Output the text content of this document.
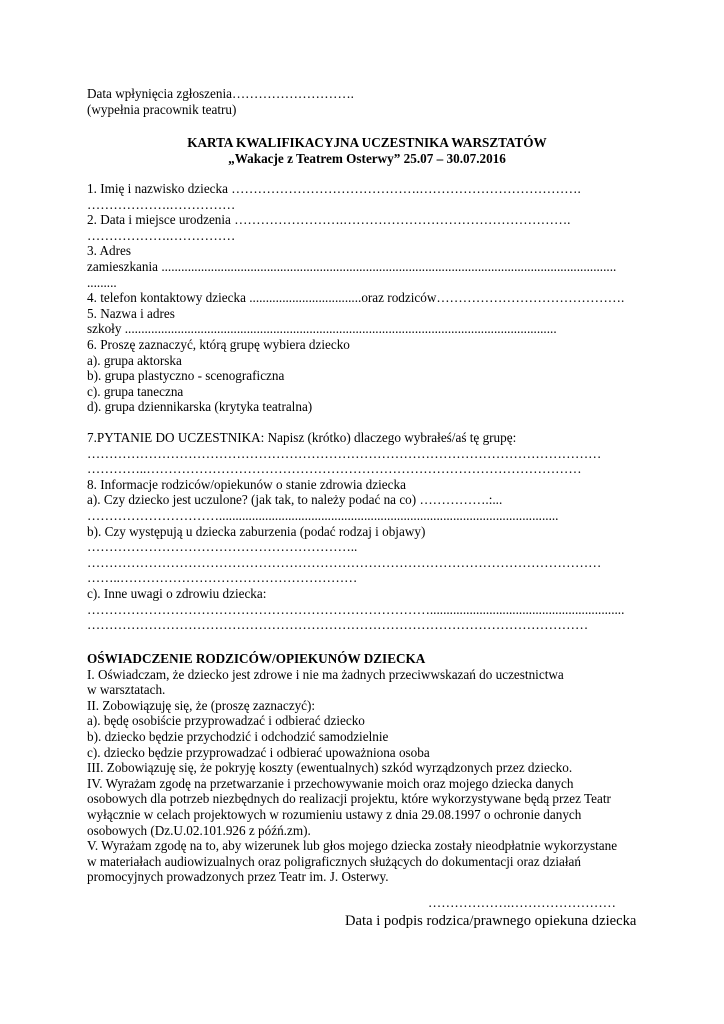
Data wpłynięcia zgłoszenia……………………….
(wypełnia pracownik teatru)
KARTA KWALIFIKACYJNA UCZESTNIKA WARSZTATÓW
„Wakacje z Teatrem Osterwy” 25.07 – 30.07.2016
1. Imię i nazwisko dziecka …………………………………….……………………………….
……………….……………
2. Data i miejsce urodzenia …………………….…………………………………………….
……………….……………
3. Adres
zamieszkania ..........................................................................................................................................
.........
4. telefon kontaktowy dziecka ..................................oraz rodziców…………………………………….
5. Nazwa i adres
szkoły ...................................................................................................................................
6. Proszę zaznaczyć, którą grupę wybiera dziecko
a). grupa aktorska
b). grupa plastyczno - scenograficzna
c). grupa taneczna
d). grupa dziennikarska (krytyka teatralna)
7.PYTANIE DO UCZESTNIKA: Napisz (krótko) dlaczego wybrałeś/aś tę grupę:
………………………………………………………………………………………………………
…………..………………………………………………………………………………………
8. Informacje rodziców/opiekunów o stanie zdrowia dziecka
a). Czy dziecko jest uczulone? (jak tak, to należy podać na co) …………….:...
………………………….......................................................................................................
b). Czy występują u dziecka zaburzenia (podać rodzaj i objawy)
……………………………………………………..
………………………………………………………………………………………………………
……..………………………………………………
c). Inne uwagi o zdrowiu dziecka:
……………………………………………………………………...........................................................
……………………………………………………………………………………………………
OŚWIADCZENIE RODZICÓW/OPIEKUNÓW DZIECKA
I. Oświadczam, że dziecko jest zdrowe i nie ma żadnych przeciwwskazań do uczestnictwa
w warsztatach.
II. Zobowiązuję się, że (proszę zaznaczyć):
a). będę osobiście przyprowadzać i odbierać dziecko
b). dziecko będzie przychodzić i odchodzić samodzielnie
c). dziecko będzie przyprowadzać i odbierać upoważniona osoba
III. Zobowiązuję się, że pokryję koszty (ewentualnych) szkód wyrządzonych przez dziecko.
IV. Wyrażam zgodę na przetwarzanie i przechowywanie moich oraz mojego dziecka danych
osobowych dla potrzeb niezbędnych do realizacji projektu, które wykorzystywane będą przez Teatr
wyłącznie w celach projektowych w rozumieniu ustawy z dnia 29.08.1997 o ochronie danych
osobowych (Dz.U.02.101.926 z późń.zm).
V. Wyrażam zgodę na to, aby wizerunek lub głos mojego dziecka zostały nieodpłatnie wykorzystane
w materiałach audiowizualnych oraz poligraficznych służących do dokumentacji oraz działań
promocyjnych prowadzonych przez Teatr im. J. Osterwy.
……………….……………………
Data i podpis rodzica/prawnego opiekuna dziecka
